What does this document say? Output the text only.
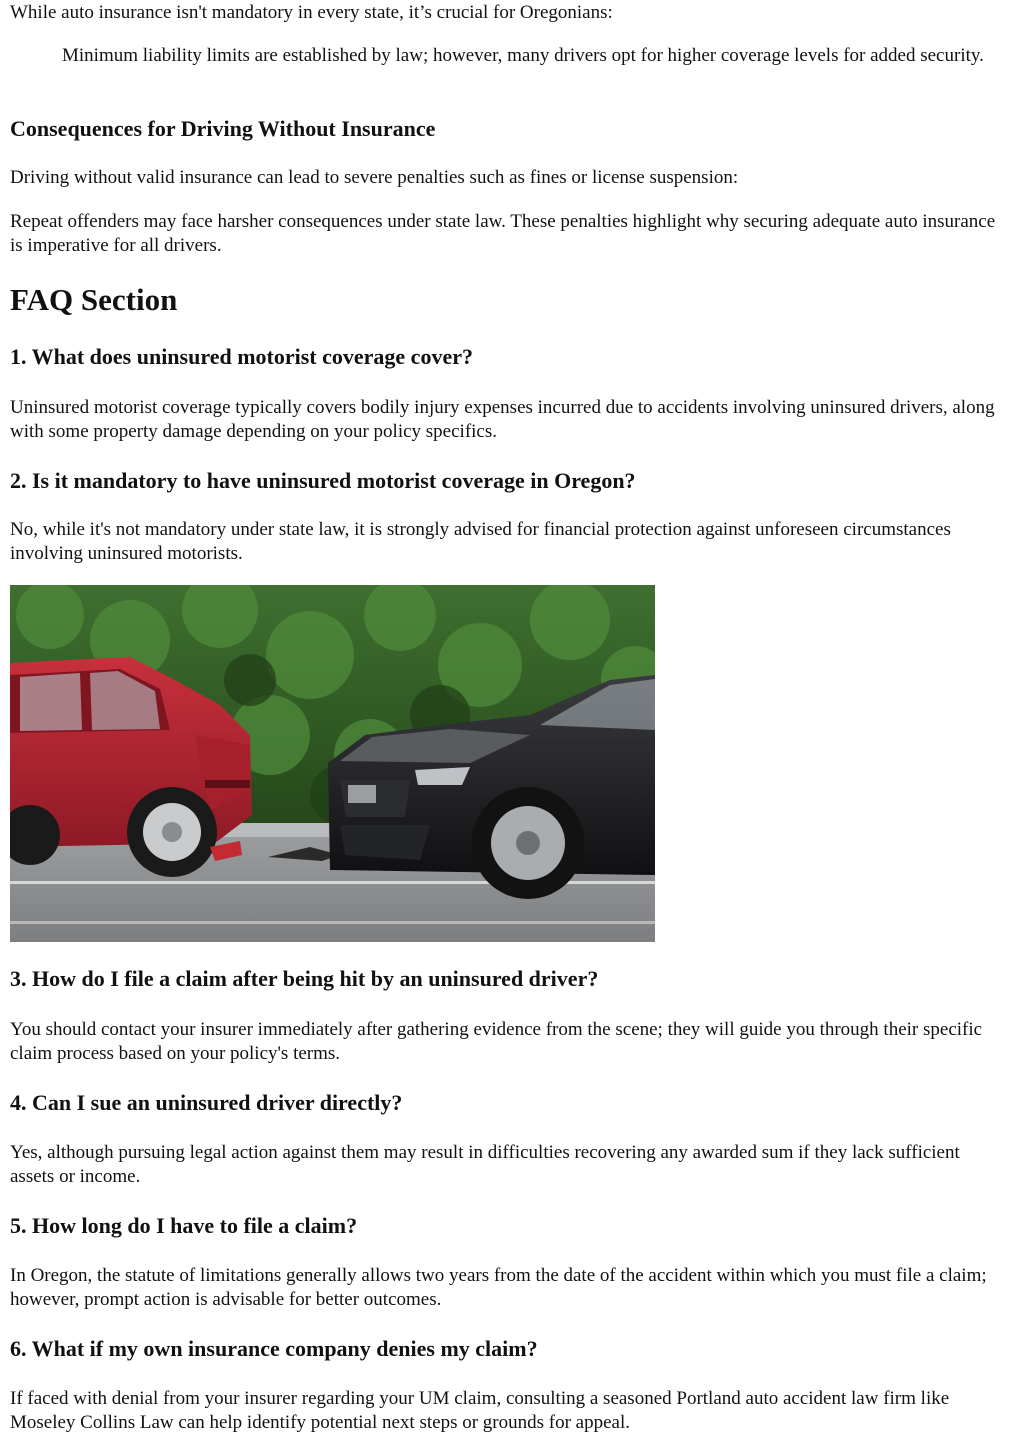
While auto insurance isn't mandatory in every state, it’s crucial for Oregonians:

Minimum liability limits are established by law; however, many drivers opt for higher coverage levels for added security.

Consequences for Driving Without Insurance

Driving without valid insurance can lead to severe penalties such as fines or license suspension:

Repeat offenders may face harsher consequences under state law. These penalties highlight why securing adequate auto insurance is imperative for all drivers.

FAQ Section
1. What does uninsured motorist coverage cover?

Uninsured motorist coverage typically covers bodily injury expenses incurred due to accidents involving uninsured drivers, along with some property damage depending on your policy specifics.

2. Is it mandatory to have uninsured motorist coverage in Oregon?

No, while it's not mandatory under state law, it is strongly advised for financial protection against unforeseen circumstances involving uninsured motorists.

3. How do I file a claim after being hit by an uninsured driver?

You should contact your insurer immediately after gathering evidence from the scene; they will guide you through their specific claim process based on your policy's terms.

4. Can I sue an uninsured driver directly?

Yes, although pursuing legal action against them may result in difficulties recovering any awarded sum if they lack sufficient assets or income.

5. How long do I have to file a claim?

In Oregon, the statute of limitations generally allows two years from the date of the accident within which you must file a claim; however, prompt action is advisable for better outcomes.

6. What if my own insurance company denies my claim?

If faced with denial from your insurer regarding your UM claim, consulting a seasoned Portland auto accident law firm like Moseley Collins Law can help identify potential next steps or grounds for appeal.
